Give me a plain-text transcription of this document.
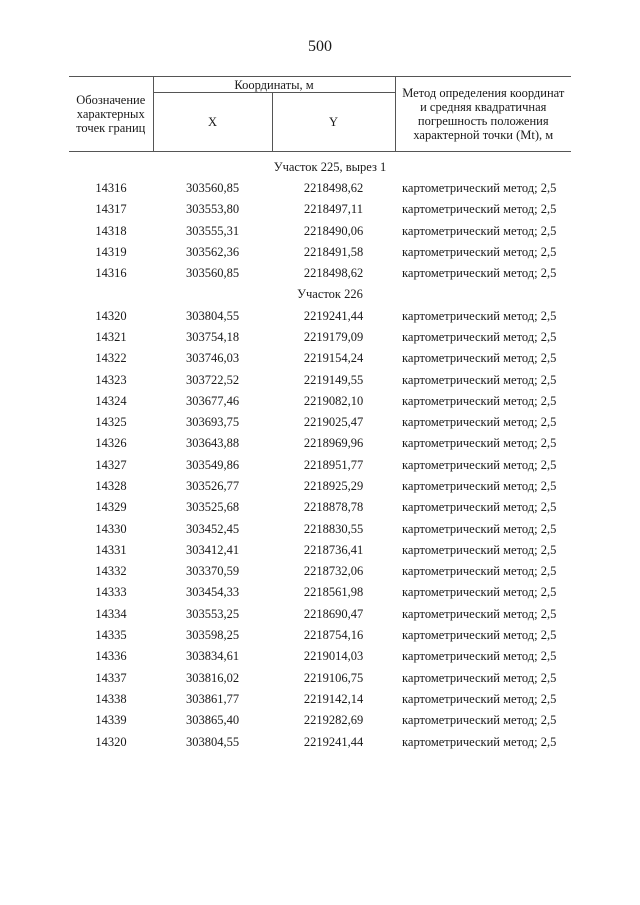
500
Обозначение характерных точек границ	Координаты, м		Метод определения координат и средняя квадратичная погрешность положения характерной точки (Mt), м
	X	Y	
Участок 225, вырез 1			
14316	303560,85	2218498,62	картометрический метод; 2,5
14317	303553,80	2218497,11	картометрический метод; 2,5
14318	303555,31	2218490,06	картометрический метод; 2,5
14319	303562,36	2218491,58	картометрический метод; 2,5
14316	303560,85	2218498,62	картометрический метод; 2,5
Участок 226			
14320	303804,55	2219241,44	картометрический метод; 2,5
14321	303754,18	2219179,09	картометрический метод; 2,5
14322	303746,03	2219154,24	картометрический метод; 2,5
14323	303722,52	2219149,55	картометрический метод; 2,5
14324	303677,46	2219082,10	картометрический метод; 2,5
14325	303693,75	2219025,47	картометрический метод; 2,5
14326	303643,88	2218969,96	картометрический метод; 2,5
14327	303549,86	2218951,77	картометрический метод; 2,5
14328	303526,77	2218925,29	картометрический метод; 2,5
14329	303525,68	2218878,78	картометрический метод; 2,5
14330	303452,45	2218830,55	картометрический метод; 2,5
14331	303412,41	2218736,41	картометрический метод; 2,5
14332	303370,59	2218732,06	картометрический метод; 2,5
14333	303454,33	2218561,98	картометрический метод; 2,5
14334	303553,25	2218690,47	картометрический метод; 2,5
14335	303598,25	2218754,16	картометрический метод; 2,5
14336	303834,61	2219014,03	картометрический метод; 2,5
14337	303816,02	2219106,75	картометрический метод; 2,5
14338	303861,77	2219142,14	картометрический метод; 2,5
14339	303865,40	2219282,69	картометрический метод; 2,5
14320	303804,55	2219241,44	картометрический метод; 2,5
